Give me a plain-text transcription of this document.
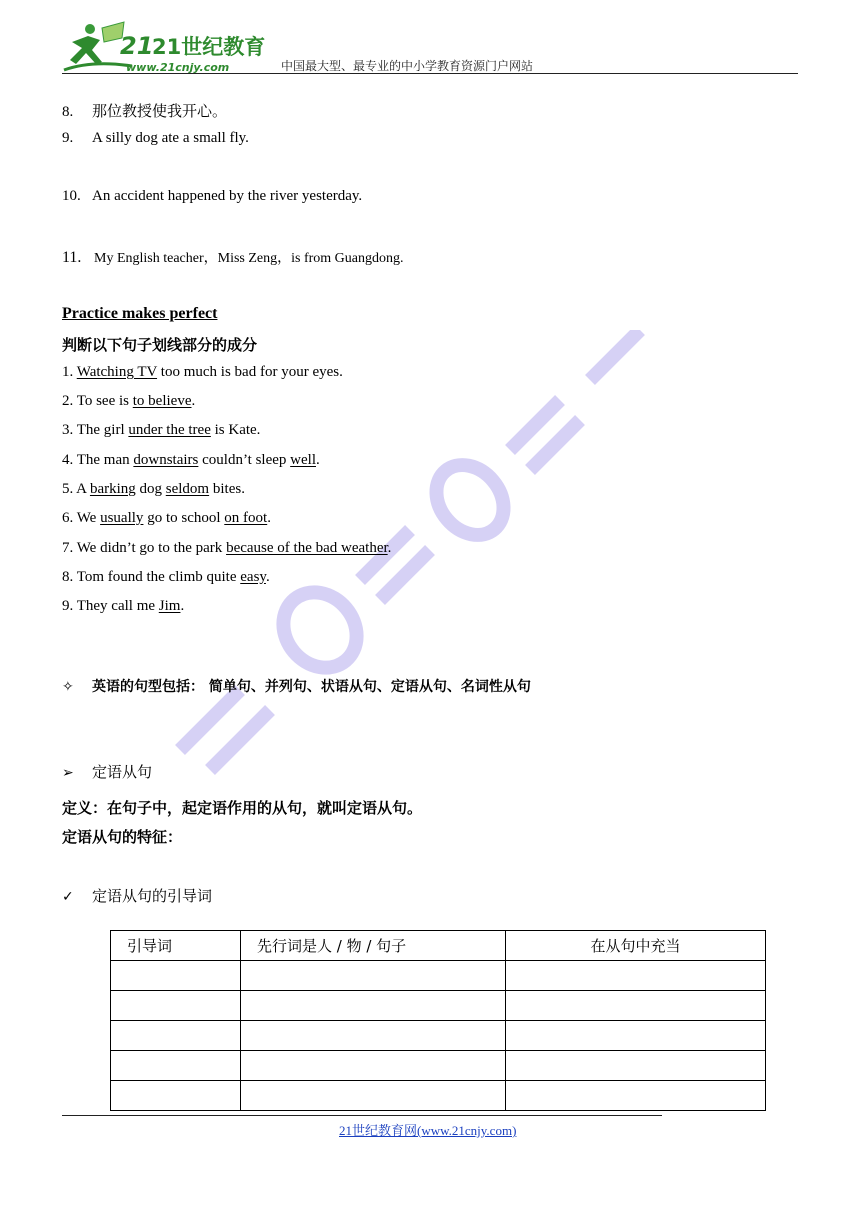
21
21世纪教育
www.21cnjy.com	中国最大型、最专业的中小学教育资源门户网站
8. 那位教授使我开心。
9. A silly dog ate a small fly.
10. An accident happened by the river yesterday.
11. My English teacher，Miss Zeng，is from Guangdong.
Practice makes perfect
判断以下句子划线部分的成分
1. Watching TV too much is bad for your eyes.
2. To see is to believe.
3. The girl under the tree is Kate.
4. The man downstairs couldn’t sleep well.
5. A barking dog seldom bites.
6. We usually go to school on foot.
7. We didn’t go to the park because of the bad weather.
8. Tom found the climb quite easy.
9. They call me Jim.
✧ 英语的句型包括： 简单句、并列句、状语从句、定语从句、名词性从句
➢ 定语从句
定义：在句子中，起定语作用的从句，就叫定语从句。
定语从句的特征：
✓ 定语从句的引导词
引导词	先行词是人 / 物 / 句子	在从句中充当

21世纪教育网(www.21cnjy.com)
